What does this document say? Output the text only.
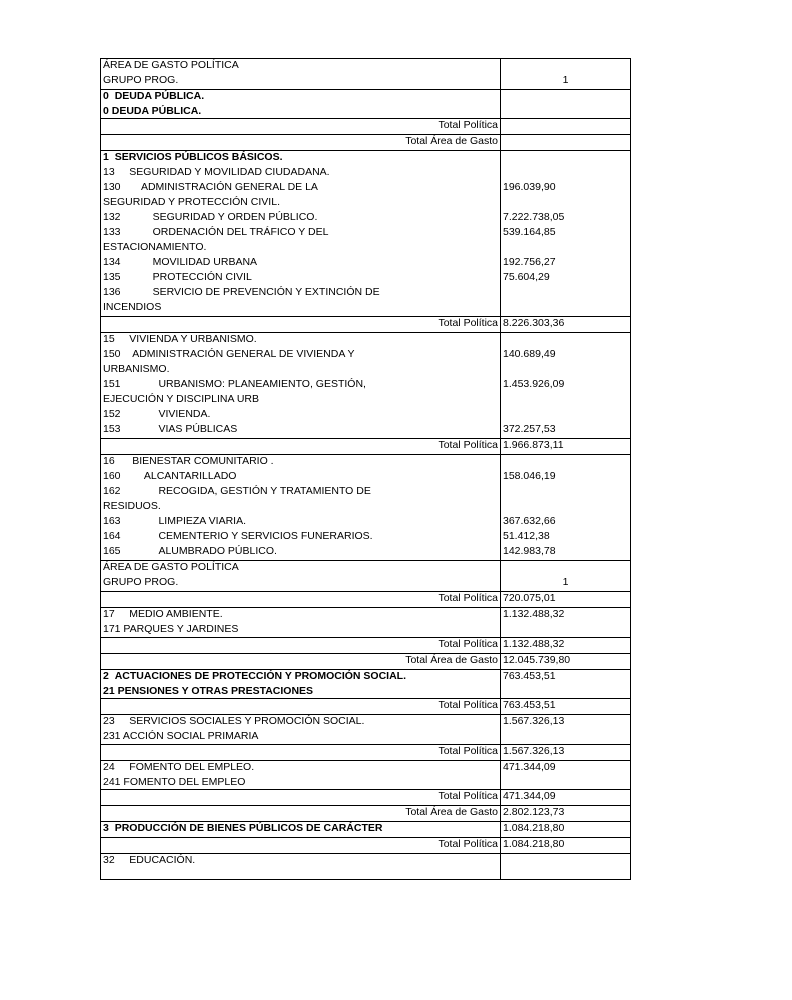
ÁREA DE GASTO POLÍTICA	
GRUPO PROG.	1
0 DEUDA PÚBLICA.	
0 DEUDA PÚBLICA.	
Total Política	
Total Área de Gasto	
1 SERVICIOS PÚBLICOS BÁSICOS.	
13 SEGURIDAD Y MOVILIDAD CIUDADANA.	
130 ADMINISTRACIÓN GENERAL DE LA	196.039,90
SEGURIDAD Y PROTECCIÓN CIVIL.	
132 SEGURIDAD Y ORDEN PÚBLICO.	7.222.738,05
133 ORDENACIÓN DEL TRÁFICO Y DEL	539.164,85
ESTACIONAMIENTO.	
134 MOVILIDAD URBANA	192.756,27
135 PROTECCIÓN CIVIL	75.604,29
136 SERVICIO DE PREVENCIÓN Y EXTINCIÓN DE	
INCENDIOS	
Total Política	8.226.303,36
15 VIVIENDA Y URBANISMO.	
150 ADMINISTRACIÓN GENERAL DE VIVIENDA Y	140.689,49
URBANISMO.	
151 URBANISMO: PLANEAMIENTO, GESTIÓN,	1.453.926,09
EJECUCIÓN Y DISCIPLINA URB	
152 VIVIENDA.	
153 VIAS PÚBLICAS	372.257,53
Total Política	1.966.873,11
16 BIENESTAR COMUNITARIO .	
160 ALCANTARILLADO	158.046,19
162 RECOGIDA, GESTIÓN Y TRATAMIENTO DE	
RESIDUOS.	
163 LIMPIEZA VIARIA.	367.632,66
164 CEMENTERIO Y SERVICIOS FUNERARIOS.	51.412,38
165 ALUMBRADO PÚBLICO.	142.983,78
ÁREA DE GASTO POLÍTICA	
GRUPO PROG.	1
Total Política	720.075,01
17 MEDIO AMBIENTE.	1.132.488,32
171 PARQUES Y JARDINES	
Total Política	1.132.488,32
Total Área de Gasto	12.045.739,80
2 ACTUACIONES DE PROTECCIÓN Y PROMOCIÓN SOCIAL.	763.453,51
21 PENSIONES Y OTRAS PRESTACIONES	
Total Política	763.453,51
23 SERVICIOS SOCIALES Y PROMOCIÓN SOCIAL.	1.567.326,13
231 ACCIÓN SOCIAL PRIMARIA	
Total Política	1.567.326,13
24 FOMENTO DEL EMPLEO.	471.344,09
241 FOMENTO DEL EMPLEO	
Total Política	471.344,09
Total Área de Gasto	2.802.123,73
3 PRODUCCIÓN DE BIENES PÚBLICOS DE CARÁCTER	1.084.218,80
Total Política	1.084.218,80
32 EDUCACIÓN.	
